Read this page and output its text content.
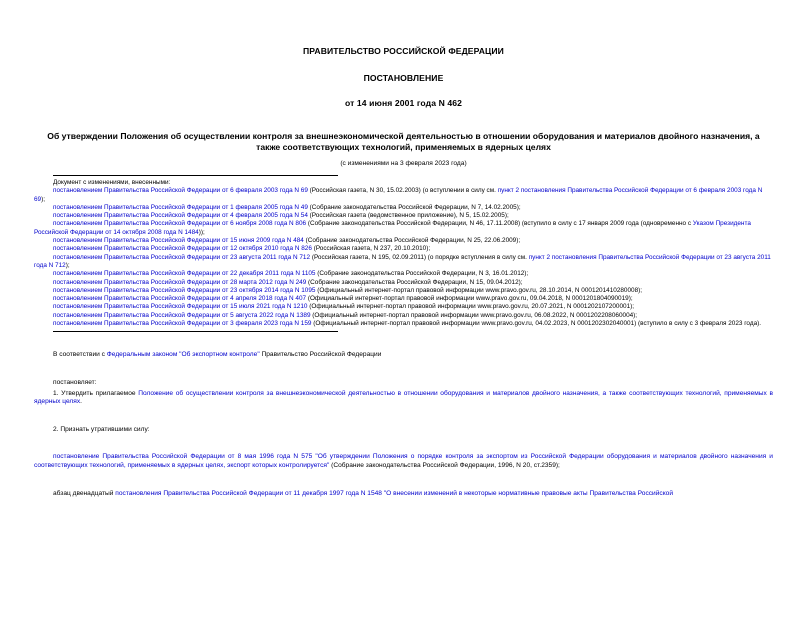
ПРАВИТЕЛЬСТВО РОССИЙСКОЙ ФЕДЕРАЦИИ
ПОСТАНОВЛЕНИЕ
от 14 июня 2001 года N 462
Об утверждении Положения об осуществлении контроля за внешнеэкономической деятельностью в отношении оборудования и материалов двойного назначения, а также соответствующих технологий, применяемых в ядерных целях
(с изменениями на 3 февраля 2023 года)

Документ с изменениями, внесенными:

постановлением Правительства Российской Федерации от 6 февраля 2003 года N 69 (Российская газета, N 30, 15.02.2003) (о вступлении в силу см. пункт 2 постановления Правительства Российской Федерации от 6 февраля 2003 года N 69);

постановлением Правительства Российской Федерации от 1 февраля 2005 года N 49 (Собрание законодательства Российской Федерации, N 7, 14.02.2005);

постановлением Правительства Российской Федерации от 4 февраля 2005 года N 54 (Российская газета (ведомственное приложение), N 5, 15.02.2005);

постановлением Правительства Российской Федерации от 6 ноября 2008 года N 806 (Собрание законодательства Российской Федерации, N 46, 17.11.2008) (вступило в силу с 17 января 2009 года (одновременно с Указом Президента Российской Федерации от 14 октября 2008 года N 1484));

постановлением Правительства Российской Федерации от 15 июня 2009 года N 484 (Собрание законодательства Российской Федерации, N 25, 22.06.2009);

постановлением Правительства Российской Федерации от 12 октября 2010 года N 826 (Российская газета, N 237, 20.10.2010);

постановлением Правительства Российской Федерации от 23 августа 2011 года N 712 (Российская газета, N 195, 02.09.2011) (о порядке вступления в силу см. пункт 2 постановления Правительства Российской Федерации от 23 августа 2011 года N 712);

постановлением Правительства Российской Федерации от 22 декабря 2011 года N 1105 (Собрание законодательства Российской Федерации, N 3, 16.01.2012);

постановлением Правительства Российской Федерации от 28 марта 2012 года N 249 (Собрание законодательства Российской Федерации, N 15, 09.04.2012);

постановлением Правительства Российской Федерации от 23 октября 2014 года N 1095 (Официальный интернет-портал правовой информации www.pravo.gov.ru, 28.10.2014, N 0001201410280008);

постановлением Правительства Российской Федерации от 4 апреля 2018 года N 407 (Официальный интернет-портал правовой информации www.pravo.gov.ru, 09.04.2018, N 0001201804090019);

постановлением Правительства Российской Федерации от 15 июля 2021 года N 1210 (Официальный интернет-портал правовой информации www.pravo.gov.ru, 20.07.2021, N 0001202107200001);

постановлением Правительства Российской Федерации от 5 августа 2022 года N 1389 (Официальный интернет-портал правовой информации www.pravo.gov.ru, 06.08.2022, N 0001202208060004);

постановлением Правительства Российской Федерации от 3 февраля 2023 года N 159 (Официальный интернет-портал правовой информации www.pravo.gov.ru, 04.02.2023, N 0001202302040001) (вступило в силу с 3 февраля 2023 года).

В соответствии с Федеральным законом "Об экспортном контроле" Правительство Российской Федерации

постановляет:

1. Утвердить прилагаемое Положение об осуществлении контроля за внешнеэкономической деятельностью в отношении оборудования и материалов двойного назначения, а также соответствующих технологий, применяемых в ядерных целях.

2. Признать утратившими силу:

постановление Правительства Российской Федерации от 8 мая 1996 года N 575 "Об утверждении Положения о порядке контроля за экспортом из Российской Федерации оборудования и материалов двойного назначения и соответствующих технологий, применяемых в ядерных целях, экспорт которых контролируется" (Собрание законодательства Российской Федерации, 1996, N 20, ст.2359);

абзац двенадцатый постановления Правительства Российской Федерации от 11 декабря 1997 года N 1548 "О внесении изменений в некоторые нормативные правовые акты Правительства Российской
